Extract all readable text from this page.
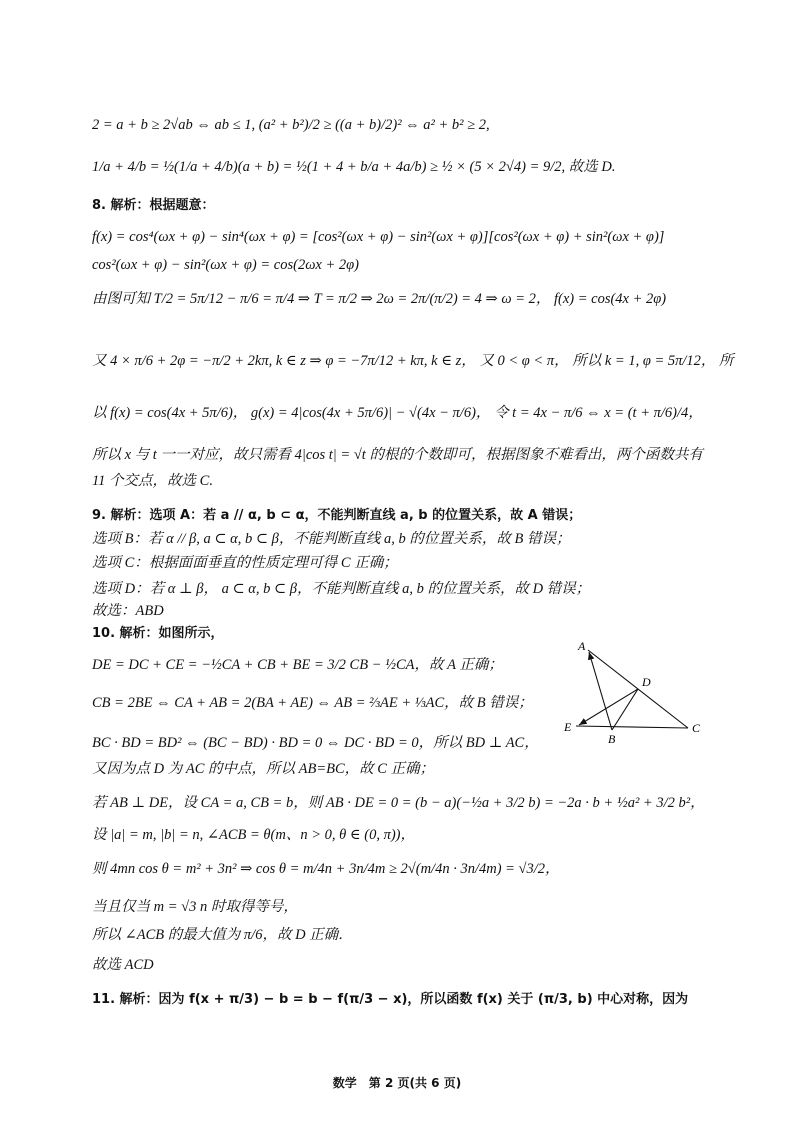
2 = a + b ≥ 2√ab ⇔ ab ≤ 1, (a² + b²)/2 ≥ ((a + b)/2)² ⇔ a² + b² ≥ 2,
1/a + 4/b = ½(1/a + 4/b)(a + b) = ½(1 + 4 + b/a + 4a/b) ≥ ½ × (5 × 2√4) = 9/2, 故选 D.
8. 解析：根据题意：
f(x) = cos⁴(ωx + φ) − sin⁴(ωx + φ) = [cos²(ωx + φ) − sin²(ωx + φ)][cos²(ωx + φ) + sin²(ωx + φ)]
cos²(ωx + φ) − sin²(ωx + φ) = cos(2ωx + 2φ)
由图可知 T/2 = 5π/12 − π/6 = π/4 ⇒ T = π/2 ⇒ 2ω = 2π/(π/2) = 4 ⇒ ω = 2， f(x) = cos(4x + 2φ)
又 4 × π/6 + 2φ = −π/2 + 2kπ, k ∈ z ⇒ φ = −7π/12 + kπ, k ∈ z， 又 0 < φ < π， 所以 k = 1, φ = 5π/12， 所
以 f(x) = cos(4x + 5π/6)， g(x) = 4|cos(4x + 5π/6)| − √(4x − π/6)， 令 t = 4x − π/6 ⇔ x = (t + π/6)/4，
所以 x 与 t 一一对应，故只需看 4|cos t| = √t 的根的个数即可，根据图象不难看出，两个函数共有
11 个交点，故选 C.
9. 解析：选项 A：若 a // α, b ⊂ α，不能判断直线 a, b 的位置关系，故 A 错误；
选项 B：若 α // β, a ⊂ α, b ⊂ β，不能判断直线 a, b 的位置关系，故 B 错误；
选项 C：根据面面垂直的性质定理可得 C 正确；
选项 D：若 α ⊥ β， a ⊂ α, b ⊂ β，不能判断直线 a, b 的位置关系，故 D 错误；
故选：ABD
10. 解析：如图所示，
DE = DC + CE = −½CA + CB + BE = 3/2 CB − ½CA，故 A 正确；
CB = 2BE ⇔ CA + AB = 2(BA + AE) ⇔ AB = ⅔AE + ⅓AC，故 B 错误；
BC · BD = BD² ⇔ (BC − BD) · BD = 0 ⇔ DC · BD = 0，所以 BD ⊥ AC，
又因为点 D 为 AC 的中点，所以 AB=BC，故 C 正确；
若 AB ⊥ DE，设 CA = a, CB = b，则 AB · DE = 0 = (b − a)(−½a + 3/2 b) = −2a · b + ½a² + 3/2 b²，
设 |a| = m, |b| = n, ∠ACB = θ(m、n > 0, θ ∈ (0, π))，
则 4mn cos θ = m² + 3n² ⇒ cos θ = m/4n + 3n/4m ≥ 2√(m/4n · 3n/4m) = √3/2，
当且仅当 m = √3 n 时取得等号，
所以 ∠ACB 的最大值为 π/6，故 D 正确．
故选 ACD
11. 解析：因为 f(x + π/3) − b = b − f(π/3 − x)，所以函数 f(x) 关于 (π/3, b) 中心对称，因为
A
D
E
B
C
数学　第 2 页(共 6 页)
